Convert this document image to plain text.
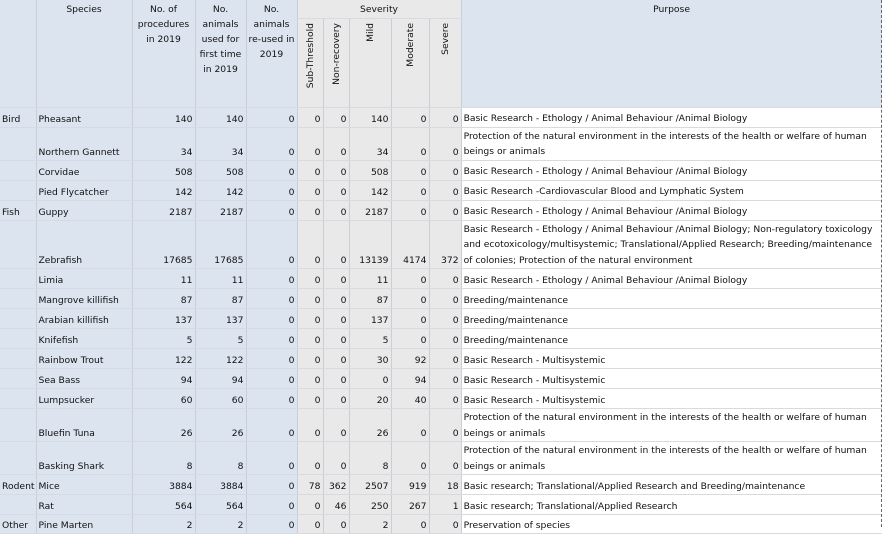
	Species	No. of procedures in 2019	No. animals used for first time in 2019	No. animals re-used in 2019	Severity					Purpose

					Sub-Threshold	Non-recovery	Mild	Moderate	Severe	

Bird	Pheasant	140	140	0	0	0	140	0	0	Basic Research - Ethology / Animal Behaviour /Animal Biology
	Northern Gannett	34	34	0	0	0	34	0	0	Protection of the natural environment in the interests of the health or welfare of human beings or animals
	Corvidae	508	508	0	0	0	508	0	0	Basic Research - Ethology / Animal Behaviour /Animal Biology
	Pied Flycatcher	142	142	0	0	0	142	0	0	Basic Research -Cardiovascular Blood and Lymphatic System
Fish	Guppy	2187	2187	0	0	0	2187	0	0	Basic Research - Ethology / Animal Behaviour /Animal Biology
	Zebrafish	17685	17685	0	0	0	13139	4174	372	Basic Research - Ethology / Animal Behaviour /Animal Biology; Non-regulatory toxicology and ecotoxicology/multisystemic; Translational/Applied Research; Breeding/maintenance of colonies; Protection of the natural environment
	Limia	11	11	0	0	0	11	0	0	Basic Research - Ethology / Animal Behaviour /Animal Biology
	Mangrove killifish	87	87	0	0	0	87	0	0	Breeding/maintenance
	Arabian killifish	137	137	0	0	0	137	0	0	Breeding/maintenance
	Knifefish	5	5	0	0	0	5	0	0	Breeding/maintenance
	Rainbow Trout	122	122	0	0	0	30	92	0	Basic Research - Multisystemic
	Sea Bass	94	94	0	0	0	0	94	0	Basic Research - Multisystemic
	Lumpsucker	60	60	0	0	0	20	40	0	Basic Research - Multisystemic
	Bluefin Tuna	26	26	0	0	0	26	0	0	Protection of the natural environment in the interests of the health or welfare of human beings or animals
	Basking Shark	8	8	0	0	0	8	0	0	Protection of the natural environment in the interests of the health or welfare of human beings or animals
Rodent	Mice	3884	3884	0	78	362	2507	919	18	Basic research; Translational/Applied Research and Breeding/maintenance
	Rat	564	564	0	0	46	250	267	1	Basic research; Translational/Applied Research
Other	Pine Marten	2	2	0	0	0	2	0	0	Preservation of species
